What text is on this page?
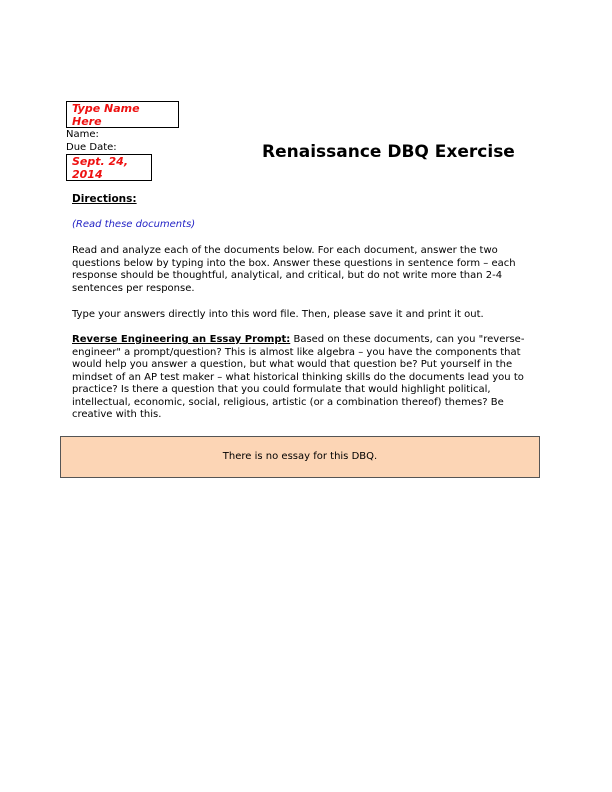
Type Name Here
Name:
Due Date:
Sept. 24, 2014
Renaissance DBQ Exercise

Directions:

(Read these documents)

Read and analyze each of the documents below. For each document, answer the two questions below by typing into the box. Answer these questions in sentence form – each response should be thoughtful, analytical, and critical, but do not write more than 2-4 sentences per response.

Type your answers directly into this word file. Then, please save it and print it out.

Reverse Engineering an Essay Prompt: Based on these documents, can you "reverse-engineer" a prompt/question? This is almost like algebra – you have the components that would help you answer a question, but what would that question be? Put yourself in the mindset of an AP test maker – what historical thinking skills do the documents lead you to practice? Is there a question that you could formulate that would highlight political, intellectual, economic, social, religious, artistic (or a combination thereof) themes? Be creative with this.

There is no essay for this DBQ.
